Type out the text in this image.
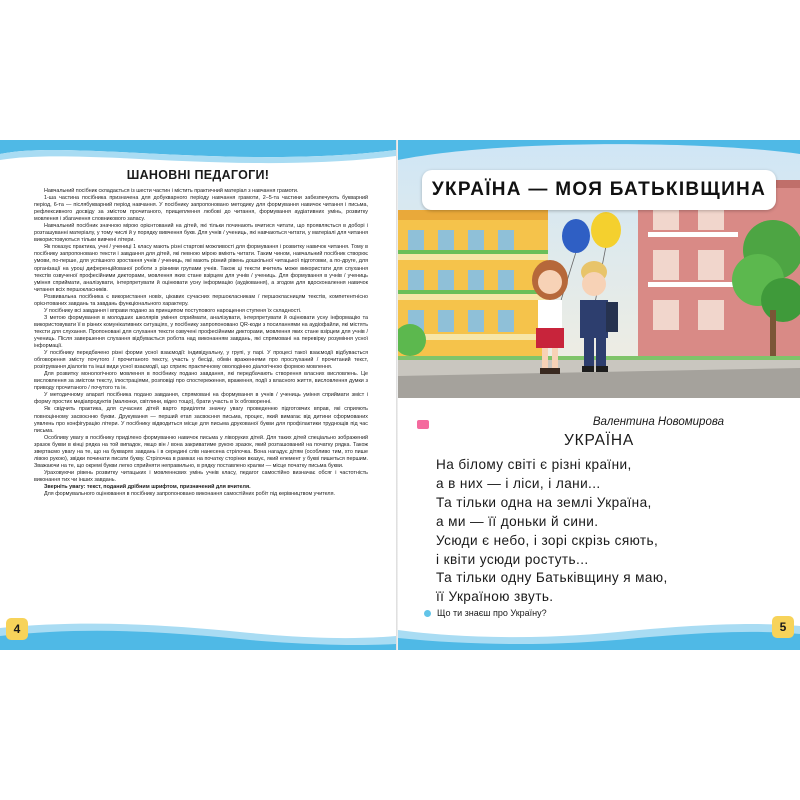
ШАНОВНІ ПЕДАГОГИ!

Навчальний посібник складається із шести частин і містить практичний матеріал з навчання грамоти.

1-ша частина посібника призначена для добукварного періоду навчання грамоти, 2–5-та частини забезпечують букварний період, 6-та — післябукварний період навчання. У посібнику запропоновано методику для формування навичок читання і письма, рефлексивного досвіду за змістом прочитаного, прищеплення любові до читання, формування аудіативних умінь, розвитку мовлення і збагачення словникового запасу.

Навчальний посібник значною мірою орієнтований на дітей, які тільки починають вчитися читати, що проявляється в доборі і розташуванні матеріалу, у тому числі й у порядку вивчення букв. Для учнів / учениць, які навчаються читати, у матеріалі для читання використовуються тільки вивчені літери.

Як показує практика, учні / учениці 1 класу мають різні стартові можливості для формування і розвитку навичок читання. Тому в посібнику запропоновано тексти і завдання для дітей, які певною мірою вміють читати. Таким чином, навчальний посібник створює умови, по-перше, для успішного зростання учнів / учениць, які мають різний рівень дошкільної читацької підготовки, а по-друге, для організації на уроці диференційованої роботи з різними групами учнів. Також ці тексти вчитель може використати для слухання текстів озвученої професійними дикторами, мовлення яких стане взірцем для учнів / учениць. Для формування в учнів / учениць уміння сприймати, аналізувати, інтерпретувати й оцінювати усну інформацію (аудіювання), а згодом для вдосконалення навичок читання всіх першокласників.

Розвивальна посібника є використання новіх, цікавих сучасних першокласникам / першокласницям текстів, компетентнісно орієнтованих завдань та завдань функціонального характеру.

У посібнику всі завдання і вправи подано за принципом поступового нарощення ступеня їх складності.

З метою формування в молодших школярів уміння сприймати, аналізувати, інтерпретувати й оцінювати усну інформацію та використовувати її в різних комунікативних ситуаціях, у посібнику запропоновано QR-коди з посиланнями на аудіофайли, які містять тексти для слухання. Пропоновані для слухання тексти озвучені професійними дикторами, мовлення яких стане взірцем для учнів / учениць. Після завершення слухання відбувається робота над виконанням завдань, які спрямовані на перевірку розуміння усної інформації.

У посібнику передбачено різні форми усної взаємодії: індивідуальну, у групі, у парі. У процесі такої взаємодії відбувається обговорення змісту почутого / прочитаного тексту, участь у бесіді, обмін враженнями про прослуханий / прочитаний текст, розігрування діалогів та інші види усної взаємодії, що сприяє практичному оволодінню діалогічною формою мовлення.

Для розвитку монологічного мовлення в посібнику подано завдання, які передбачають створення власних висловлень. Це висловлення за змістом тексту, ілюстраціями, розповіді про спостереження, враження, події з власного життя, висловлення думки з приводу прочитаного / почутого та ін.

У методичному апараті посібника подано завдання, спрямовані на формування в учнів / учениць уміння сприймати зміст і форму простих медіапродуктів (малюнки, світлини, відео тощо), брати участь в їх обговоренні.

Як свідчить практика, для сучасних дітей варто приділяти значну увагу проведенню підготовчих вправ, які сприяють повноцінному засвоєнню букви. Друкування — перший етап засвоєння письма, процес, який вимагає від дитини сформованих уявлень про конфігурацію літери. У посібнику відводиться місце для письма друкованої букви для профілактики труднощів під час письма.

Особливу увагу в посібнику приділено формуванню навичок письма у ліворуких дітей. Для таких дітей спеціально зображений зразок букви в кінці рядка на той випадок, якщо він / вона закриватиме рукою зразок, який розташований на початку рядка. Також звертаємо увагу на те, що на букварях завдань і в середині слів нанесена стрілочка. Вона нагадує дітям (особливо тим, хто пише лівою рукою), звідки починати писати букву. Стрілочка в рамках на початку сторінки вказує, який елемент у букві пишеться першим. Зважаючи на те, що окремі букви легко сприйняти неправильно, в рядку поставлено кралки — місце початку письма букви.

Ураховуючи рівень розвитку читацьких і мовленнєвих умінь учнів класу, педагог самостійно визначає обсяг і частотність виконання тих чи інших завдань.

Зверніть увагу: текст, поданий дрібним шрифтом, призначений для вчителя.

Для формувального оцінювання в посібнику запропоновано виконання самостійних робіт під керівництвом учителя.

4
УКРАЇНА — МОЯ БАТЬКІВЩИНА
Валентина Новомирова
УКРАЇНА
На білому світі є різні країни,
а в них — і ліси, і лани...
Та тільки одна на землі Україна,
а ми — її доньки й сини.
Усюди є небо, і зорі скрізь сяють,
і квіти усюди ростуть...
Та тільки одну Батьківщину я маю,
її Україною звуть.
Що ти знаєш про Україну?
5
